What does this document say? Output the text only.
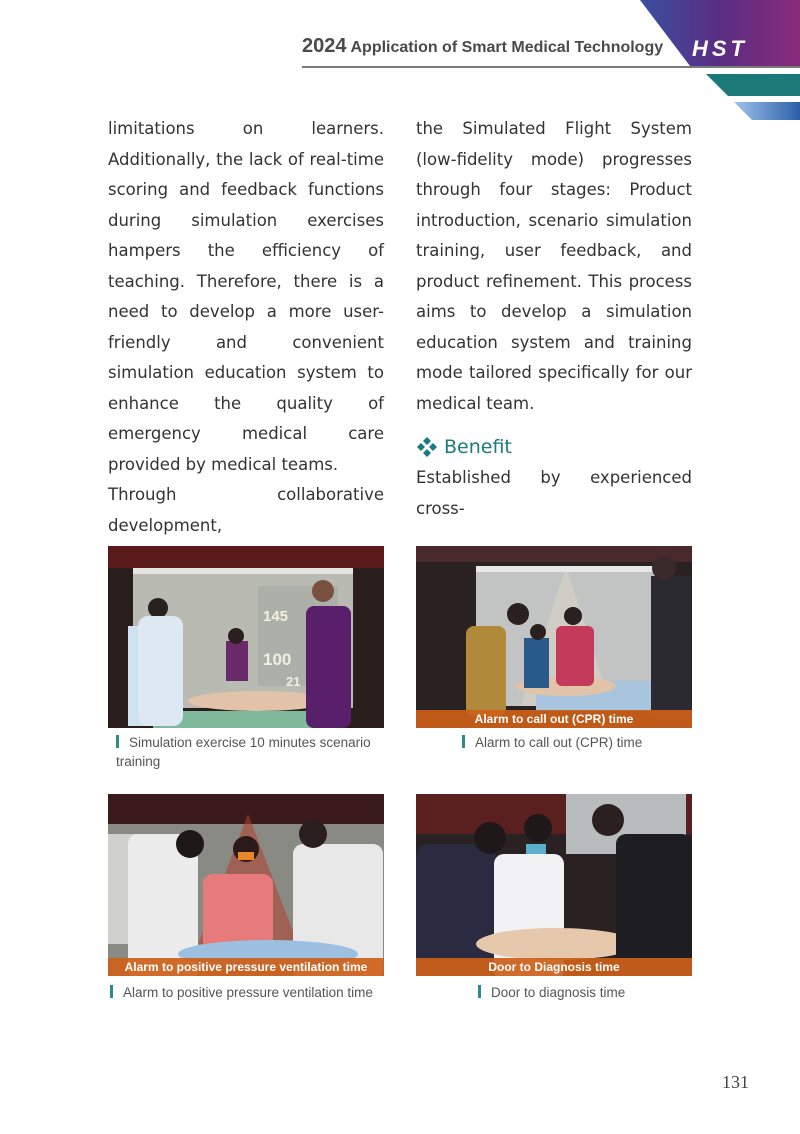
HST
2024 Application of Smart Medical Technology

limitations on learners. Additionally, the lack of real-time scoring and feedback functions during simulation exercises hampers the efficiency of teaching. Therefore, there is a need to develop a more user-friendly and convenient simulation education system to enhance the quality of emergency medical care provided by medical teams.

Through collaborative development,

the Simulated Flight System (low-fidelity mode) progresses through four stages: Product introduction, scenario simulation training, user feedback, and product refinement. This process aims to develop a simulation education system and training mode tailored specifically for our medical team.

Benefit

Established by experienced cross-

145
100
21
Simulation exercise 10 minutes scenario training
Alarm to call out (CPR) time
Alarm to call out (CPR) time
Alarm to positive pressure ventilation time
Alarm to positive pressure ventilation time
Door to Diagnosis time
Door to diagnosis time
131
